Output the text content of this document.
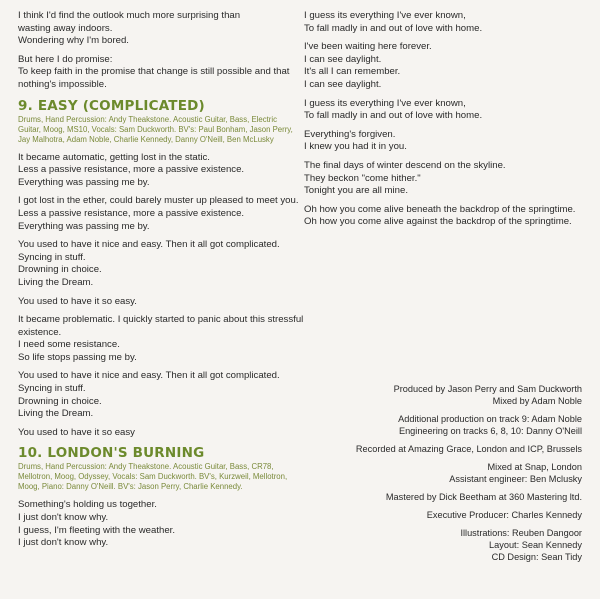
I think I'd find the outlook much more surprising than
wasting away indoors.
Wondering why I'm bored.

But here I do promise:
To keep faith in the promise that change is still possible and that
nothing's impossible.

9. EASY (COMPLICATED)
Drums, Hand Percussion: Andy Theakstone. Acoustic Guitar, Bass, Electric Guitar, Moog, MS10, Vocals: Sam Duckworth. BV's: Paul Bonham, Jason Perry, Jay Malhotra, Adam Noble, Charlie Kennedy, Danny O'Neill, Ben McLusky

It became automatic, getting lost in the static.
Less a passive resistance, more a passive existence.
Everything was passing me by.

I got lost in the ether, could barely muster up pleased to meet you.
Less a passive resistance, more a passive existence.
Everything was passing me by.

You used to have it nice and easy. Then it all got complicated.
Syncing in stuff.
Drowning in choice.
Living the Dream.

You used to have it so easy.

It became problematic. I quickly started to panic about this stressful
existence.
I need some resistance.
So life stops passing me by.

You used to have it nice and easy. Then it all got complicated.
Syncing in stuff.
Drowning in choice.
Living the Dream.

You used to have it so easy

10. LONDON'S BURNING
Drums, Hand Percussion: Andy Theakstone. Acoustic Guitar, Bass, CR78, Mellotron, Moog, Odyssey, Vocals: Sam Duckworth. BV's, Kurzweil, Mellotron, Moog, Piano: Danny O'Neill. BV's: Jason Perry, Charlie Kennedy.

Something's holding us together.
I just don't know why.
I guess, I'm fleeting with the weather.
I just don't know why.

I guess its everything I've ever known,
To fall madly in and out of love with home.

I've been waiting here forever.
I can see daylight.
It's all I can remember.
I can see daylight.

I guess its everything I've ever known,
To fall madly in and out of love with home.

Everything's forgiven.
I knew you had it in you.

The final days of winter descend on the skyline.
They beckon "come hither."
Tonight you are all mine.

Oh how you come alive beneath the backdrop of the springtime.
Oh how you come alive against the backdrop of the springtime.

Produced by Jason Perry and Sam Duckworth
Mixed by Adam Noble

Additional production on track 9: Adam Noble
Engineering on tracks 6, 8, 10: Danny O'Neill

Recorded at Amazing Grace, London and ICP, Brussels

Mixed at Snap, London
Assistant engineer: Ben Mclusky

Mastered by Dick Beetham at 360 Mastering ltd.

Executive Producer: Charles Kennedy

Illustrations: Reuben Dangoor
Layout: Sean Kennedy
CD Design: Sean Tidy
